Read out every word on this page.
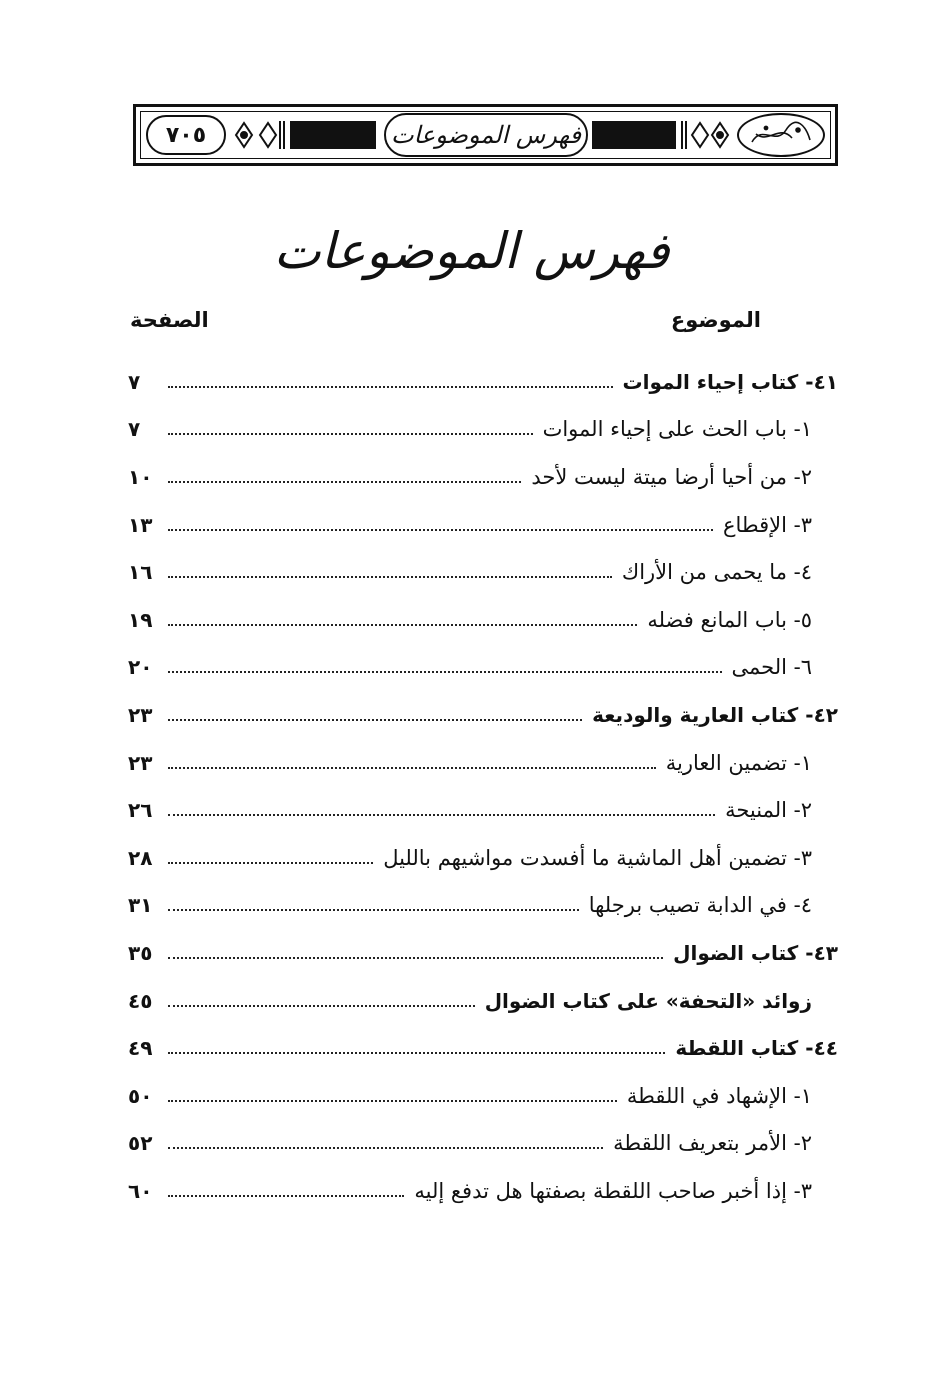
٧٠٥	فهرس الموضوعات
فهرس الموضوعات
الموضوع
الصفحة
٤١- كتاب إحياء الموات
٧
١- باب الحث على إحياء الموات
٧
٢- من أحيا أرضا ميتة ليست لأحد
١٠
٣- الإقطاع
١٣
٤- ما يحمى من الأراك
١٦
٥- باب المانع فضله
١٩
٦- الحمى
٢٠
٤٢- كتاب العارية والوديعة
٢٣
١- تضمين العارية
٢٣
٢- المنيحة
٢٦
٣- تضمين أهل الماشية ما أفسدت مواشيهم بالليل
٢٨
٤- في الدابة تصيب برجلها
٣١
٤٣- كتاب الضوال
٣٥
زوائد «التحفة» على كتاب الضوال
٤٥
٤٤- كتاب اللقطة
٤٩
١- الإشهاد في اللقطة
٥٠
٢- الأمر بتعريف اللقطة
٥٢
٣- إذا أخبر صاحب اللقطة بصفتها هل تدفع إليه
٦٠
